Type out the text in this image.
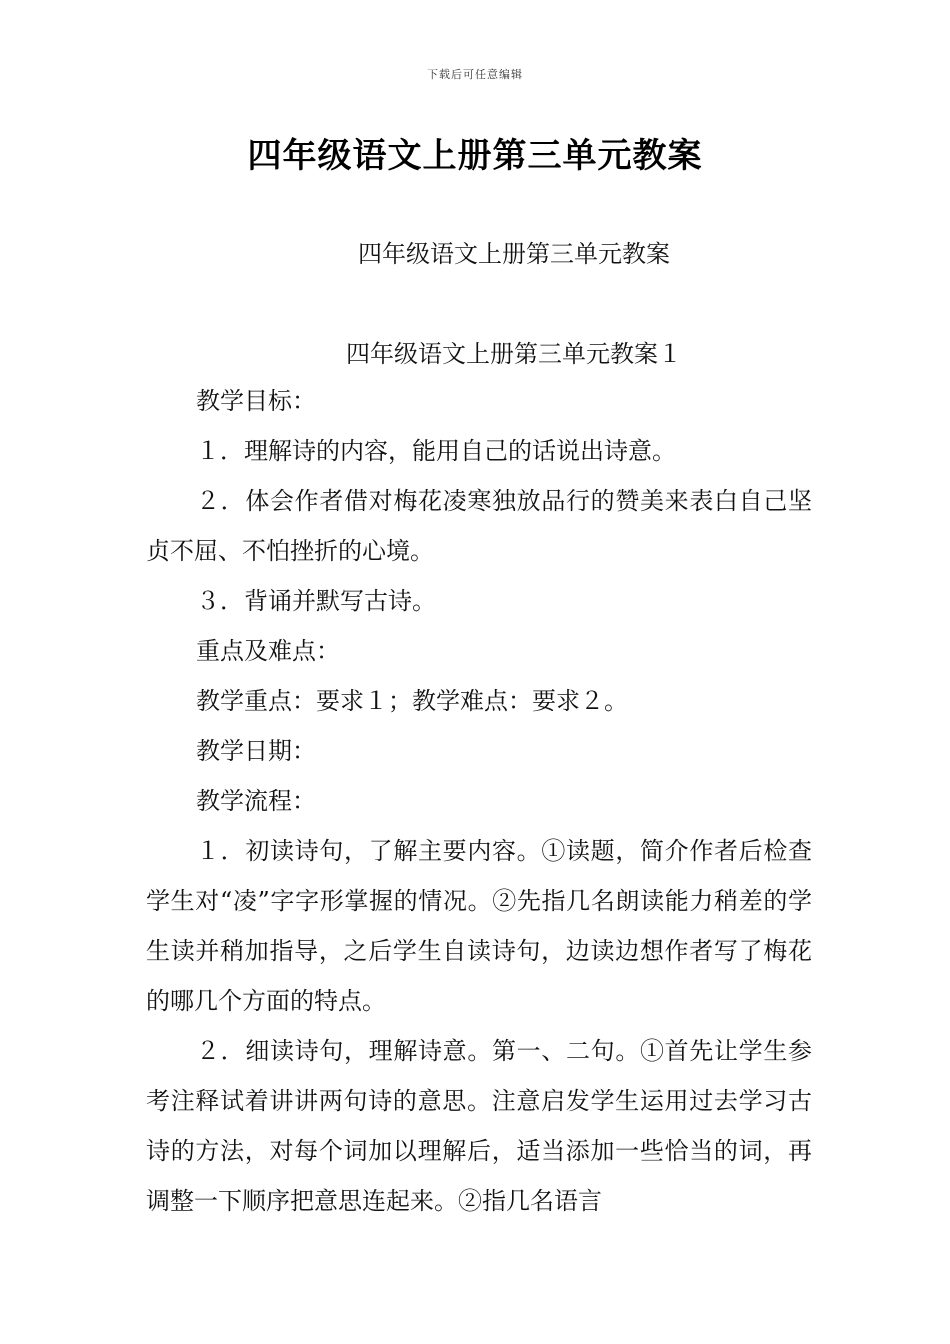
下载后可任意编辑
四年级语文上册第三单元教案
四年级语文上册第三单元教案
四年级语文上册第三单元教案１

教学目标：

１．理解诗的内容，能用自己的话说出诗意。

２．体会作者借对梅花凌寒独放品行的赞美来表白自己坚贞不屈、不怕挫折的心境。

３．背诵并默写古诗。

重点及难点：

教学重点：要求１；教学难点：要求２。

教学日期：

教学流程：

１．初读诗句，了解主要内容。①读题，简介作者后检查学生对“凌”字字形掌握的情况。②先指几名朗读能力稍差的学生读并稍加指导，之后学生自读诗句，边读边想作者写了梅花的哪几个方面的特点。

２．细读诗句，理解诗意。第一、二句。①首先让学生参考注释试着讲讲两句诗的意思。注意启发学生运用过去学习古诗的方法，对每个词加以理解后，适当添加一些恰当的词，再调整一下顺序把意思连起来。②指几名语言
